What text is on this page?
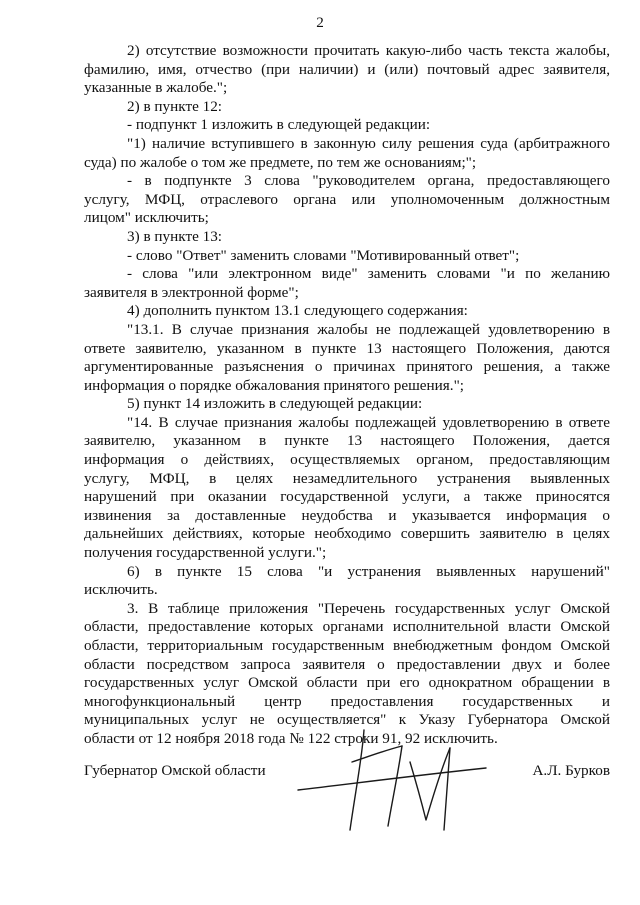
2
2) отсутствие возможности прочитать какую-либо часть текста жалобы,
фамилию, имя, отчество (при наличии) и (или) почтовый адрес заявителя,
указанные в жалобе.";
2) в пункте 12:
- подпункт 1 изложить в следующей редакции:
"1) наличие вступившего в законную силу решения суда (арбитражного
суда) по жалобе о том же предмете, по тем же основаниям;";
- в подпункте 3 слова "руководителем органа, предоставляющего
услугу, МФЦ, отраслевого органа или уполномоченным должностным
лицом" исключить;
3) в пункте 13:
- слово "Ответ" заменить словами "Мотивированный ответ";
- слова "или электронном виде" заменить словами "и по желанию
заявителя в электронной форме";
4) дополнить пунктом 13.1 следующего содержания:
"13.1. В случае признания жалобы не подлежащей удовлетворению в
ответе заявителю, указанном в пункте 13 настоящего Положения, даются
аргументированные разъяснения о причинах принятого решения, а также
информация о порядке обжалования принятого решения.";
5) пункт 14 изложить в следующей редакции:
"14. В случае признания жалобы подлежащей удовлетворению в ответе
заявителю, указанном в пункте 13 настоящего Положения, дается
информация о действиях, осуществляемых органом, предоставляющим
услугу, МФЦ, в целях незамедлительного устранения выявленных
нарушений при оказании государственной услуги, а также приносятся
извинения за доставленные неудобства и указывается информация о
дальнейших действиях, которые необходимо совершить заявителю в целях
получения государственной услуги.";
6) в пункте 15 слова "и устранения выявленных нарушений"
исключить.
3. В таблице приложения "Перечень государственных услуг Омской
области, предоставление которых органами исполнительной власти Омской
области, территориальным государственным внебюджетным фондом Омской
области посредством запроса заявителя о предоставлении двух и более
государственных услуг Омской области при его однократном обращении в
многофункциональный центр предоставления государственных и
муниципальных услуг не осуществляется" к Указу Губернатора Омской
области от 12 ноября 2018 года № 122 строки 91, 92 исключить.
Губернатор Омской области	А.Л. Бурков
